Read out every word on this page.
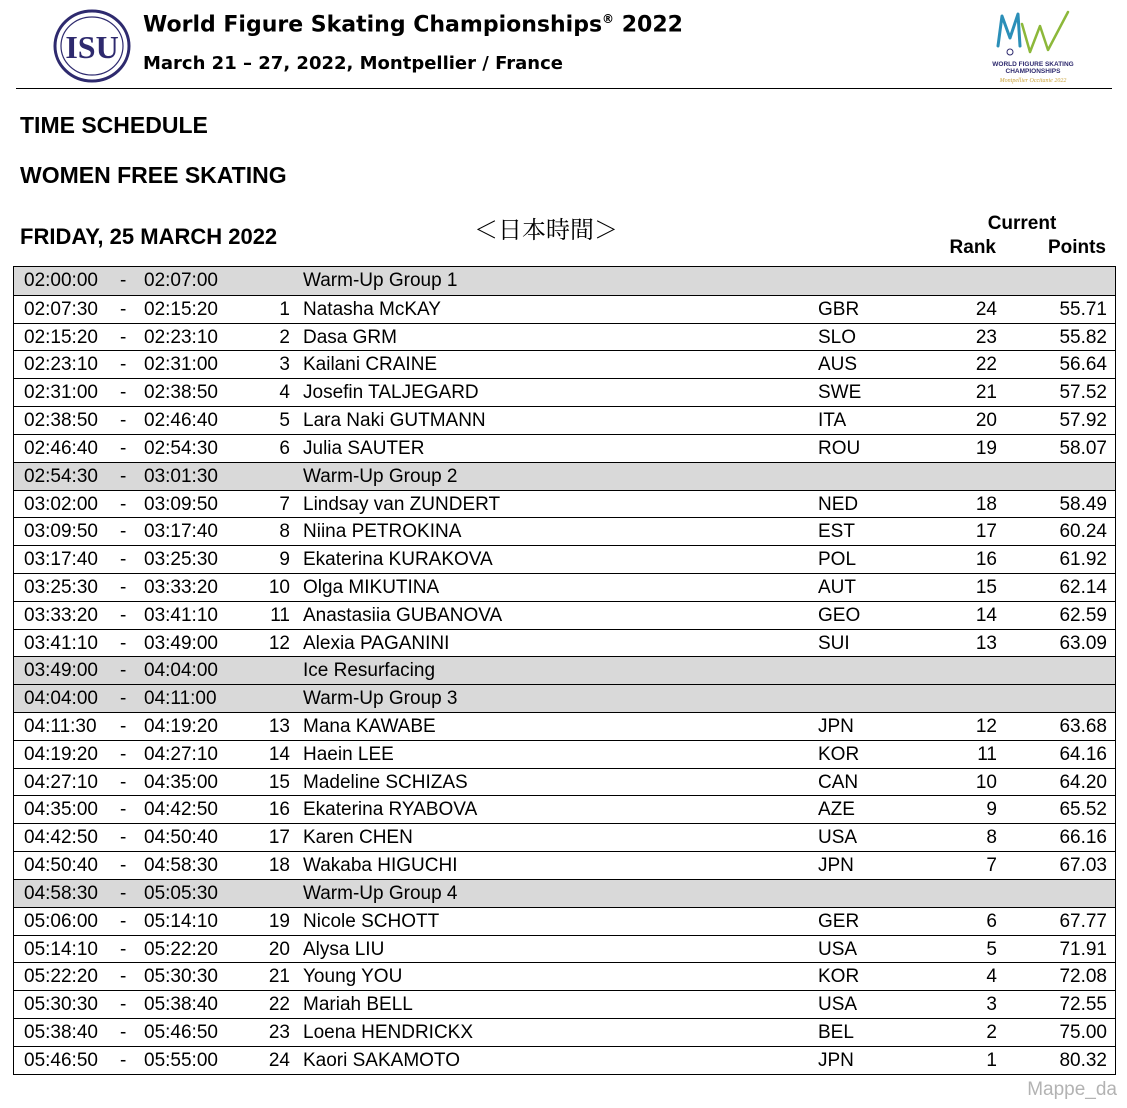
ISU
World Figure Skating Championships® 2022
March 21 – 27, 2022, Montpellier / France	WORLD FIGURE SKATING
CHAMPIONSHIPS
Montpellier Occitanie 2022
TIME SCHEDULE
WOMEN FREE SKATING
FRIDAY, 25 MARCH 2022	＜日本時間＞	Current
Rank	Points
02:00:00 - 02:07:00	Warm-Up Group 1
02:07:30 - 02:15:20	1 Natasha McKAY	GBR	24	55.71
02:15:20 - 02:23:10	2 Dasa GRM	SLO	23	55.82
02:23:10 - 02:31:00	3 Kailani CRAINE	AUS	22	56.64
02:31:00 - 02:38:50	4 Josefin TALJEGARD	SWE	21	57.52
02:38:50 - 02:46:40	5 Lara Naki GUTMANN	ITA	20	57.92
02:46:40 - 02:54:30	6 Julia SAUTER	ROU	19	58.07
02:54:30 - 03:01:30	Warm-Up Group 2
03:02:00 - 03:09:50	7 Lindsay van ZUNDERT	NED	18	58.49
03:09:50 - 03:17:40	8 Niina PETROKINA	EST	17	60.24
03:17:40 - 03:25:30	9 Ekaterina KURAKOVA	POL	16	61.92
03:25:30 - 03:33:20	10 Olga MIKUTINA	AUT	15	62.14
03:33:20 - 03:41:10	11 Anastasiia GUBANOVA	GEO	14	62.59
03:41:10 - 03:49:00	12 Alexia PAGANINI	SUI	13	63.09
03:49:00 - 04:04:00	Ice Resurfacing
04:04:00 - 04:11:00	Warm-Up Group 3
04:11:30 - 04:19:20	13 Mana KAWABE	JPN	12	63.68
04:19:20 - 04:27:10	14 Haein LEE	KOR	11	64.16
04:27:10 - 04:35:00	15 Madeline SCHIZAS	CAN	10	64.20
04:35:00 - 04:42:50	16 Ekaterina RYABOVA	AZE	9	65.52
04:42:50 - 04:50:40	17 Karen CHEN	USA	8	66.16
04:50:40 - 04:58:30	18 Wakaba HIGUCHI	JPN	7	67.03
04:58:30 - 05:05:30	Warm-Up Group 4
05:06:00 - 05:14:10	19 Nicole SCHOTT	GER	6	67.77
05:14:10 - 05:22:20	20 Alysa LIU	USA	5	71.91
05:22:20 - 05:30:30	21 Young YOU	KOR	4	72.08
05:30:30 - 05:38:40	22 Mariah BELL	USA	3	72.55
05:38:40 - 05:46:50	23 Loena HENDRICKX	BEL	2	75.00
05:46:50 - 05:55:00	24 Kaori SAKAMOTO	JPN	1	80.32
Mappe_da
